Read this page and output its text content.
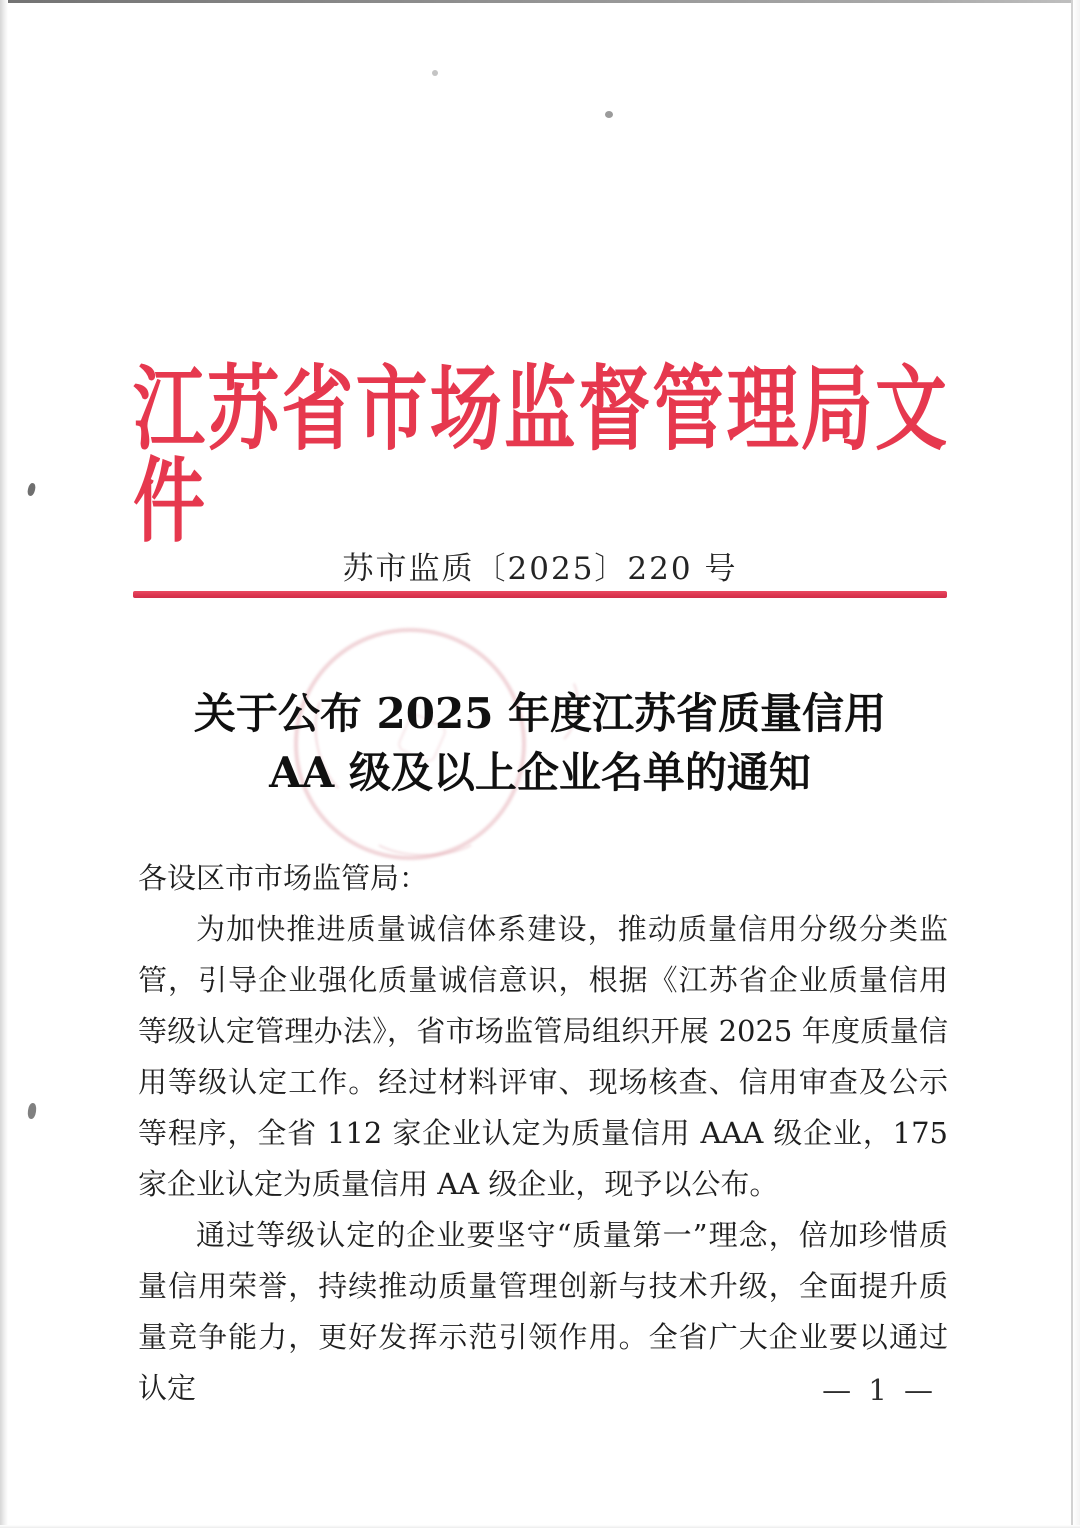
江苏省市场监督管理局文件
苏市监质〔2025〕220 号
关于公布 2025 年度江苏省质量信用
AA 级及以上企业名单的通知

各设区市市场监管局：

为加快推进质量诚信体系建设，推动质量信用分级分类监管，引导企业强化质量诚信意识，根据《江苏省企业质量信用等级认定管理办法》，省市场监管局组织开展 2025 年度质量信用等级认定工作。经过材料评审、现场核查、信用审查及公示等程序，全省 112 家企业认定为质量信用 AAA 级企业，175 家企业认定为质量信用 AA 级企业，现予以公布。

通过等级认定的企业要坚守“质量第一”理念，倍加珍惜质量信用荣誉，持续推动质量管理创新与技术升级，全面提升质量竞争能力，更好发挥示范引领作用。全省广大企业要以通过认定	— 1 —
